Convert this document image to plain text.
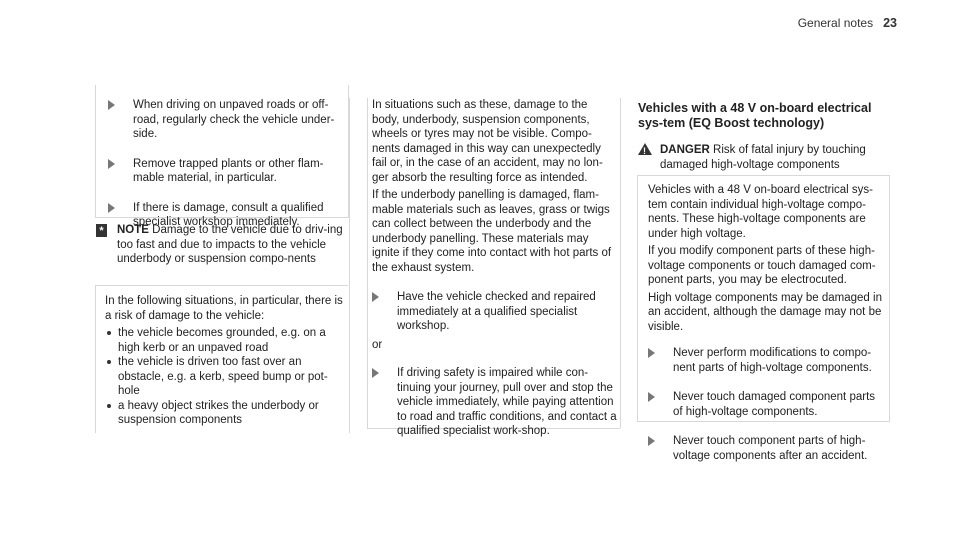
General notes 23
When driving on unpaved roads or off-road, regularly check the vehicle under-side.
Remove trapped plants or other flam-mable material, in particular.
If there is damage, consult a qualified specialist workshop immediately.
*	NOTE Damage to the vehicle due to driv-ing too fast and due to impacts to the vehicle underbody or suspension compo-nents

In the following situations, in particular, there is a risk of damage to the vehicle:

the vehicle becomes grounded, e.g. on a high kerb or an unpaved road
the vehicle is driven too fast over an obstacle, e.g. a kerb, speed bump or pot-hole
a heavy object strikes the underbody or suspension components

In situations such as these, damage to the body, underbody, suspension components, wheels or tyres may not be visible. Compo-nents damaged in this way can unexpectedly fail or, in the case of an accident, may no lon-ger absorb the resulting force as intended.

If the underbody panelling is damaged, flam-mable materials such as leaves, grass or twigs can collect between the underbody and the underbody panelling. These materials may ignite if they come into contact with hot parts of the exhaust system.

Have the vehicle checked and repaired immediately at a qualified specialist workshop.

or

If driving safety is impaired while con-tinuing your journey, pull over and stop the vehicle immediately, while paying attention to road and traffic conditions, and contact a qualified specialist work-shop.
Vehicles with a 48 V on-board electrical sys-tem (EQ Boost technology)
!
DANGER Risk of fatal injury by touching damaged high-voltage components

Vehicles with a 48 V on-board electrical sys-tem contain individual high-voltage compo-nents. These high-voltage components are under high voltage.

If you modify component parts of these high-voltage components or touch damaged com-ponent parts, you may be electrocuted.

High voltage components may be damaged in an accident, although the damage may not be visible.

Never perform modifications to compo-nent parts of high-voltage components.
Never touch damaged component parts of high-voltage components.
Never touch component parts of high-voltage components after an accident.
